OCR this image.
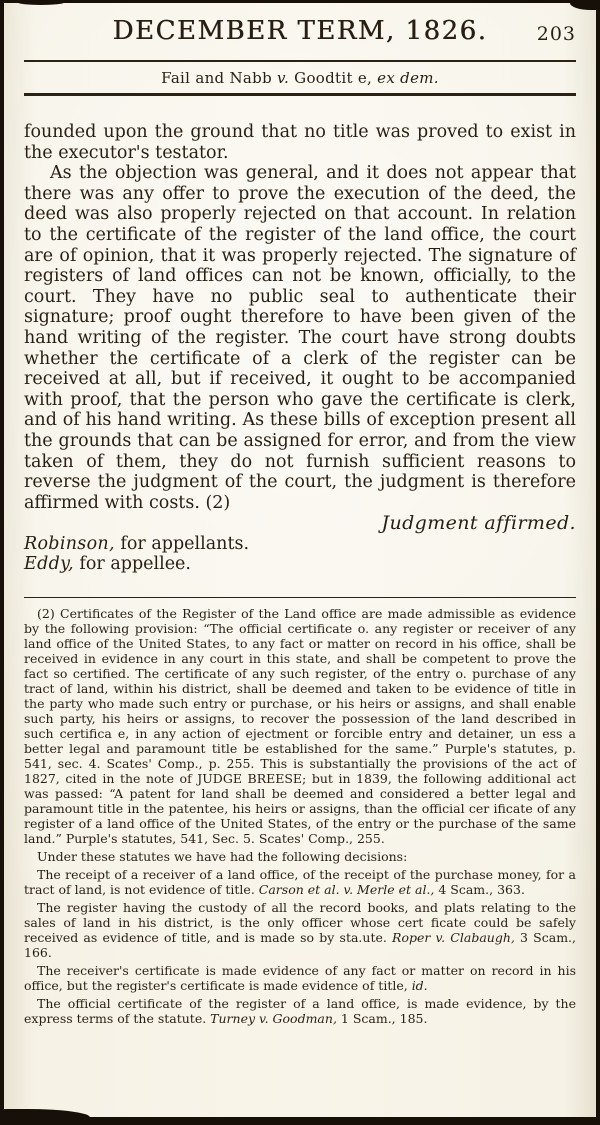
DECEMBER TERM, 1826.	203
Fail and Nabb v. Goodtit e, ex dem.

founded upon the ground that no title was proved to exist in the executor's testator.

As the objection was general, and it does not appear that there was any offer to prove the execution of the deed, the deed was also properly rejected on that account. In relation to the certificate of the register of the land office, the court are of opinion, that it was properly rejected. The signature of registers of land offices can not be known, officially, to the court. They have no public seal to authenticate their signature; proof ought therefore to have been given of the hand writing of the register. The court have strong doubts whether the certificate of a clerk of the register can be received at all, but if received, it ought to be accompanied with proof, that the person who gave the certificate is clerk, and of his hand writing. As these bills of exception present all the grounds that can be assigned for error, and from the view taken of them, they do not furnish sufficient reasons to reverse the judgment of the court, the judgment is therefore affirmed with costs. (2)

Judgment affirmed.

Robinson, for appellants.

Eddy, for appellee.

(2) Certificates of the Register of the Land office are made admissible as evidence by the following provision: “The official certificate o. any register or receiver of any land office of the United States, to any fact or matter on record in his office, shall be received in evidence in any court in this state, and shall be competent to prove the fact so certified. The certificate of any such register, of the entry o. purchase of any tract of land, within his district, shall be deemed and taken to be evidence of title in the party who made such entry or purchase, or his heirs or assigns, and shall enable such party, his heirs or assigns, to recover the possession of the land described in such certifica e, in any action of ejectment or forcible entry and detainer, un ess a better legal and paramount title be established for the same.” Purple's statutes, p. 541, sec. 4. Scates' Comp., p. 255. This is substantially the provisions of the act of 1827, cited in the note of JUDGE BREESE; but in 1839, the following additional act was passed: “A patent for land shall be deemed and considered a better legal and paramount title in the patentee, his heirs or assigns, than the official cer ificate of any register of a land office of the United States, of the entry or the purchase of the same land.” Purple's statutes, 541, Sec. 5. Scates' Comp., 255.

Under these statutes we have had the following decisions:

The receipt of a receiver of a land office, of the receipt of the purchase money, for a tract of land, is not evidence of title. Carson et al. v. Merle et al., 4 Scam., 363.

The register having the custody of all the record books, and plats relating to the sales of land in his district, is the only officer whose cert ficate could be safely received as evidence of title, and is made so by sta.ute. Roper v. Clabaugh, 3 Scam., 166.

The receiver's certificate is made evidence of any fact or matter on record in his office, but the register's certificate is made evidence of title, id.

The official certificate of the register of a land office, is made evidence, by the express terms of the statute. Turney v. Goodman, 1 Scam., 185.
